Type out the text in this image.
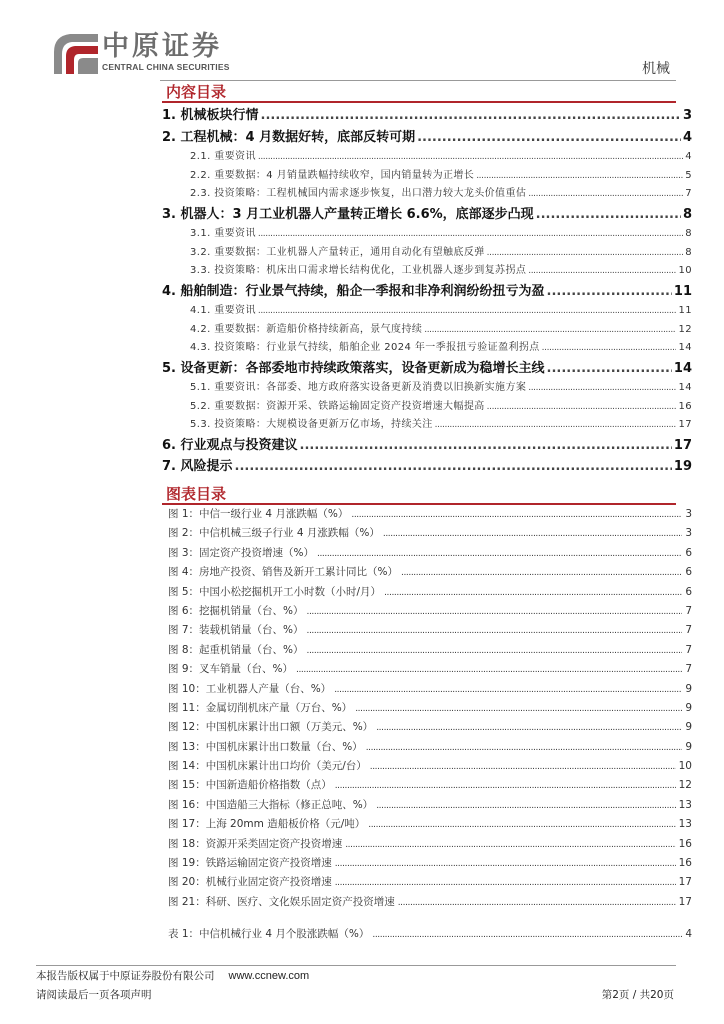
中原证券
CENTRAL CHINA SECURITIES	机械
内容目录
1. 机械板块行情 .....	3
2. 工程机械：4 月数据好转，底部反转可期 .....	4
2.1. 重要资讯 .....	4
2.2. 重要数据：4 月销量跌幅持续收窄，国内销量转为正增长 .....	5
2.3. 投资策略：工程机械国内需求逐步恢复，出口潜力较大龙头价值重估 .....	7
3. 机器人：3 月工业机器人产量转正增长 6.6%，底部逐步凸现 .....	8
3.1. 重要资讯 .....	8
3.2. 重要数据：工业机器人产量转正，通用自动化有望触底反弹 .....	8
3.3. 投资策略：机床出口需求增长结构优化，工业机器人逐步到复苏拐点 .....	10
4. 船舶制造：行业景气持续，船企一季报和非净利润纷纷扭亏为盈 .....	11
4.1. 重要资讯 .....	11
4.2. 重要数据：新造船价格持续新高，景气度持续 .....	12
4.3. 投资策略：行业景气持续，船舶企业 2024 年一季报扭亏验证盈利拐点 .....	14
5. 设备更新：各部委地市持续政策落实，设备更新成为稳增长主线 .....	14
5.1. 重要资讯：各部委、地方政府落实设备更新及消费以旧换新实施方案 .....	14
5.2. 重要数据：资源开采、铁路运输固定资产投资增速大幅提高 .....	16
5.3. 投资策略：大规模设备更新万亿市场，持续关注 .....	17
6. 行业观点与投资建议 .....	17
7. 风险提示 .....	19
图表目录
图 1：中信一级行业 4 月涨跌幅（%） .....	3
图 2：中信机械三级子行业 4 月涨跌幅（%） .....	3
图 3：固定资产投资增速（%） .....	6
图 4：房地产投资、销售及新开工累计同比（%） .....	6
图 5：中国小松挖掘机开工小时数（小时/月） .....	6
图 6：挖掘机销量（台、%） .....	7
图 7：装载机销量（台、%） .....	7
图 8：起重机销量（台、%） .....	7
图 9：叉车销量（台、%） .....	7
图 10：工业机器人产量（台、%） .....	9
图 11：金属切削机床产量（万台、%） .....	9
图 12：中国机床累计出口额（万美元、%） .....	9
图 13：中国机床累计出口数量（台、%） .....	9
图 14：中国机床累计出口均价（美元/台） .....	10
图 15：中国新造船价格指数（点） .....	12
图 16：中国造船三大指标（修正总吨、%） .....	13
图 17：上海 20mm 造船板价格（元/吨） .....	13
图 18：资源开采类固定资产投资增速 .....	16
图 19：铁路运输固定资产投资增速 .....	16
图 20：机械行业固定资产投资增速 .....	17
图 21：科研、医疗、文化娱乐固定资产投资增速 .....	17
表 1：中信机械行业 4 月个股涨跌幅（%） .....	4
本报告版权属于中原证券股份有限公司 www.ccnew.com
请阅读最后一页各项声明	第2页 / 共20页
